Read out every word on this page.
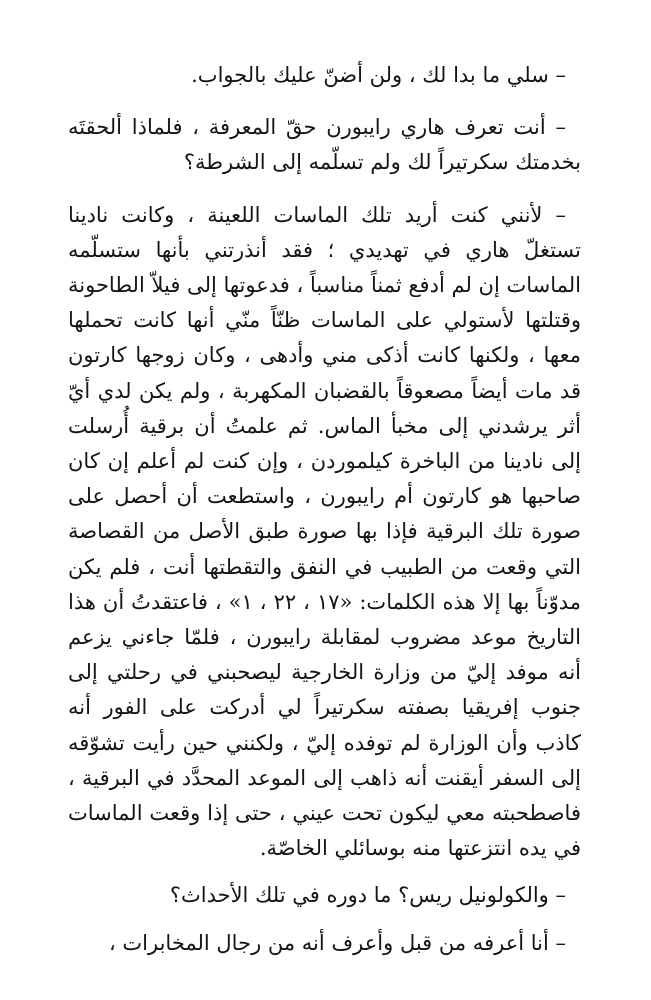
– سلي ما بدا لك ، ولن أضنّ عليك بالجواب.

– أنت تعرف هاري رايبورن حقّ المعرفة ، فلماذا ألحقتَه بخدمتك سكرتيراً لك ولم تسلّمه إلى الشرطة؟

– لأنني كنت أريد تلك الماسات اللعينة ، وكانت نادينا تستغلّ هاري في تهديدي ؛ فقد أنذرتني بأنها ستسلّمه الماسات إن لم أدفع ثمناً مناسباً ، فدعوتها إلى فيلاّ الطاحونة وقتلتها لأستولي على الماسات ظنّاً منّي أنها كانت تحملها معها ، ولكنها كانت أذكى مني وأدهى ، وكان زوجها كارتون قد مات أيضاً مصعوقاً بالقضبان المكهربة ، ولم يكن لدي أيّ أثر يرشدني إلى مخبأ الماس. ثم علمتُ أن برقية أُرسلت إلى نادينا من الباخرة كيلموردن ، وإن كنت لم أعلم إن كان صاحبها هو كارتون أم رايبورن ، واستطعت أن أحصل على صورة تلك البرقية فإذا بها صورة طبق الأصل من القصاصة التي وقعت من الطبيب في النفق والتقطتها أنت ، فلم يكن مدوّناً بها إلا هذه الكلمات: «١٧ ، ٢٢ ، ١» ، فاعتقدتُ أن هذا التاريخ موعد مضروب لمقابلة رايبورن ، فلمّا جاءني يزعم أنه موفد إليّ من وزارة الخارجية ليصحبني في رحلتي إلى جنوب إفريقيا بصفته سكرتيراً لي أدركت على الفور أنه كاذب وأن الوزارة لم توفده إليّ ، ولكنني حين رأيت تشوّقه إلى السفر أيقنت أنه ذاهب إلى الموعد المحدَّد في البرقية ، فاصطحبته معي ليكون تحت عيني ، حتى إذا وقعت الماسات في يده انتزعتها منه بوسائلي الخاصّة.

– والكولونيل ريس؟ ما دوره في تلك الأحداث؟

– أنا أعرفه من قبل وأعرف أنه من رجال المخابرات ،
